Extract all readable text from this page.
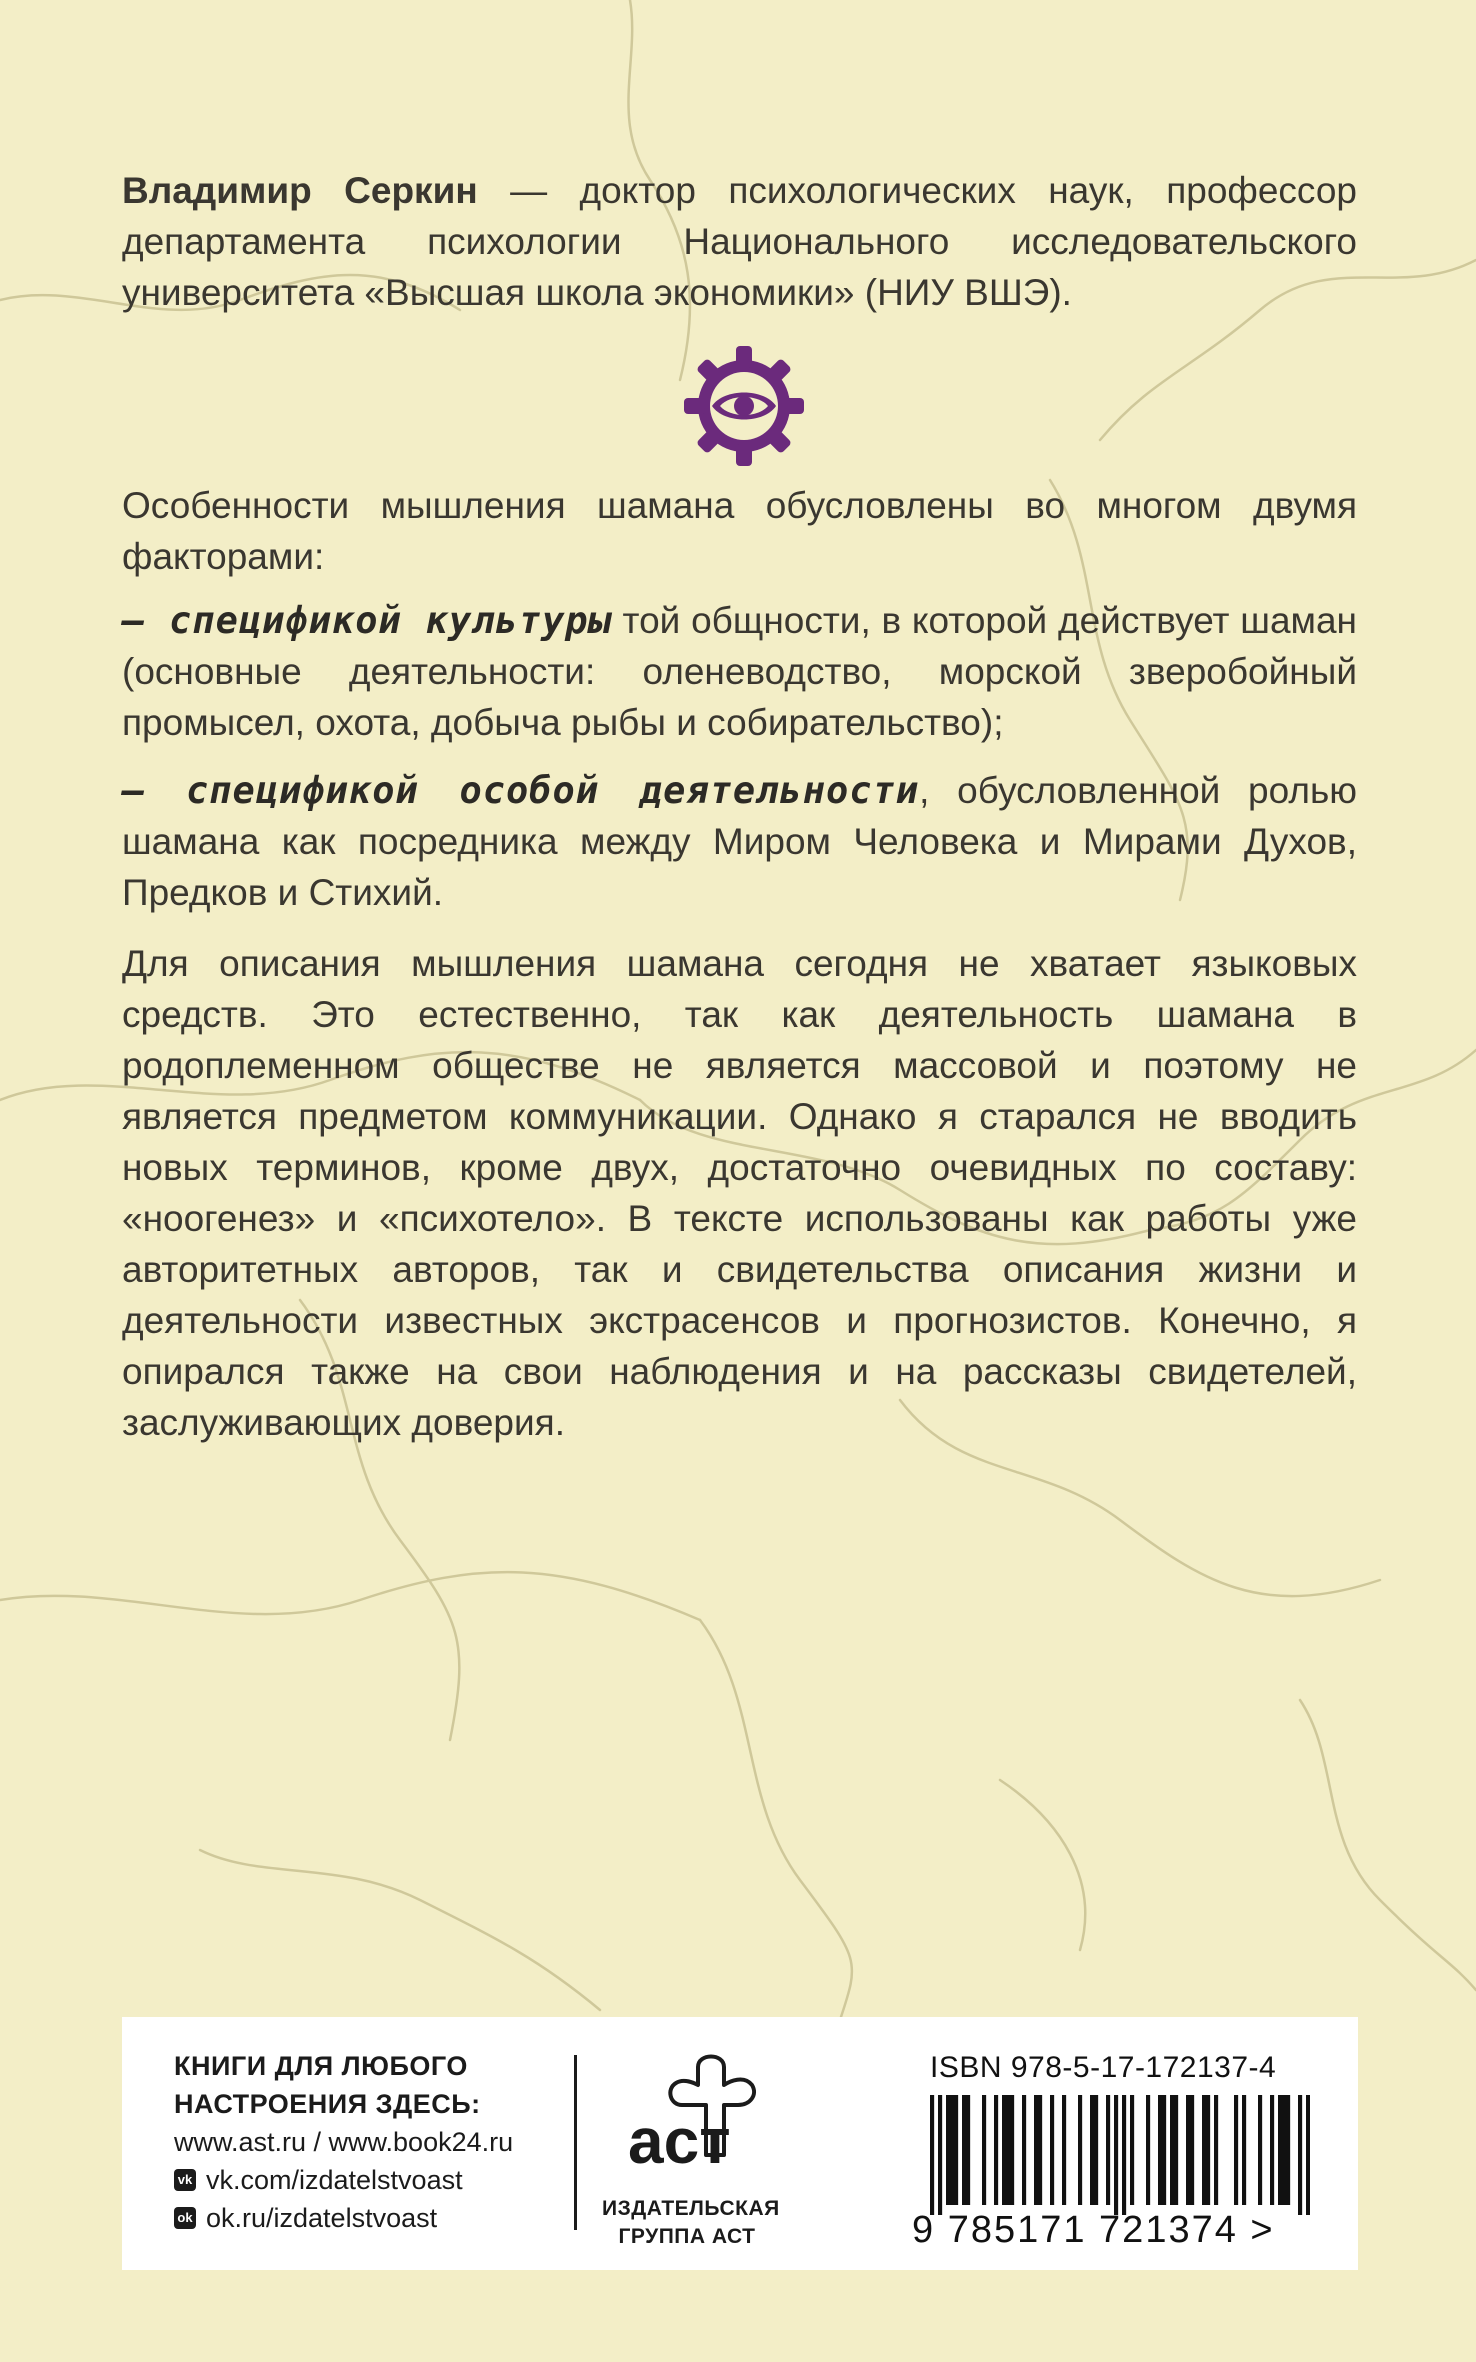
Владимир Серкин — доктор психологических наук, профессор департамента психологии Национального исследовательского университета «Высшая школа экономики» (НИУ ВШЭ).
Особенности мышления шамана обусловлены во многом двумя факторами:
– спецификой культуры той общности, в которой действует шаман (основные деятельности: оленеводство, морской зверобойный промысел, охота, добыча рыбы и собирательство);
– спецификой особой деятельности, обусловленной ролью шамана как посредника между Миром Человека и Мирами Духов, Предков и Стихий.
Для описания мышления шамана сегодня не хватает языковых средств. Это естественно, так как деятельность шамана в родоплеменном обществе не является массовой и поэтому не является предметом коммуникации. Однако я старался не вводить новых терминов, кроме двух, достаточно очевидных по составу: «ноогенез» и «психотело». В тексте использованы как работы уже авторитетных авторов, так и свидетельства описания жизни и деятельности известных экстрасенсов и прогнозистов. Конечно, я опирался также на свои наблюдения и на рассказы свидетелей, заслуживающих доверия.
КНИГИ ДЛЯ ЛЮБОГО
НАСТРОЕНИЯ ЗДЕСЬ:
www.ast.ru / www.book24.ru
vk vk.com/izdatelstvoast
ok ok.ru/izdatelstvoast
аст
ИЗДАТЕЛЬСКАЯ
ГРУППА АСТ
ISBN 978-5-17-172137-4
9 785171 721374 >
